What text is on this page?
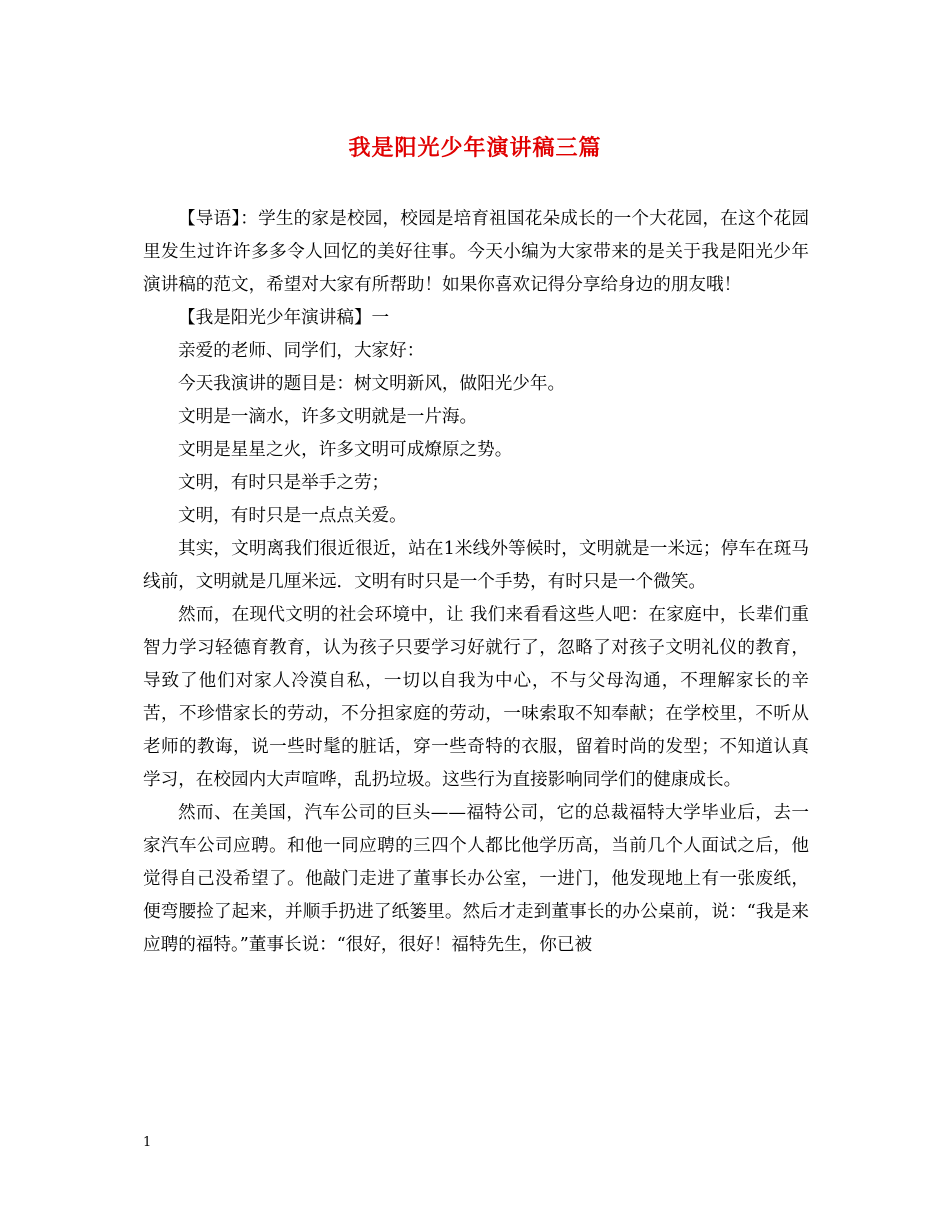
我是阳光少年演讲稿三篇

【导语】：学生的家是校园，校园是培育祖国花朵成长的一个大花园，在这个花园里发生过许许多多令人回忆的美好往事。今天小编为大家带来的是关于我是阳光少年演讲稿的范文，希望对大家有所帮助！如果你喜欢记得分享给身边的朋友哦！

【我是阳光少年演讲稿】一

亲爱的老师、同学们，大家好：

今天我演讲的题目是：树文明新风，做阳光少年。

文明是一滴水，许多文明就是一片海。

文明是星星之火，许多文明可成燎原之势。

文明，有时只是举手之劳；

文明，有时只是一点点关爱。

其实，文明离我们很近很近，站在1米线外等候时，文明就是一米远；停车在斑马线前，文明就是几厘米远．文明有时只是一个手势，有时只是一个微笑。

然而，在现代文明的社会环境中，让 我们来看看这些人吧：在家庭中，长辈们重智力学习轻德育教育，认为孩子只要学习好就行了，忽略了对孩子文明礼仪的教育，导致了他们对家人冷漠自私，一切以自我为中心，不与父母沟通，不理解家长的辛苦，不珍惜家长的劳动，不分担家庭的劳动，一味索取不知奉献；在学校里，不听从老师的教诲，说一些时髦的脏话，穿一些奇特的衣服，留着时尚的发型；不知道认真学习，在校园内大声喧哗，乱扔垃圾。这些行为直接影响同学们的健康成长。

然而、在美国，汽车公司的巨头——福特公司，它的总裁福特大学毕业后，去一家汽车公司应聘。和他一同应聘的三四个人都比他学历高，当前几个人面试之后，他觉得自己没希望了。他敲门走进了董事长办公室，一进门，他发现地上有一张废纸，便弯腰捡了起来，并顺手扔进了纸篓里。然后才走到董事长的办公桌前，说：“我是来应聘的福特。”董事长说：“很好，很好！福特先生，你已被

1
